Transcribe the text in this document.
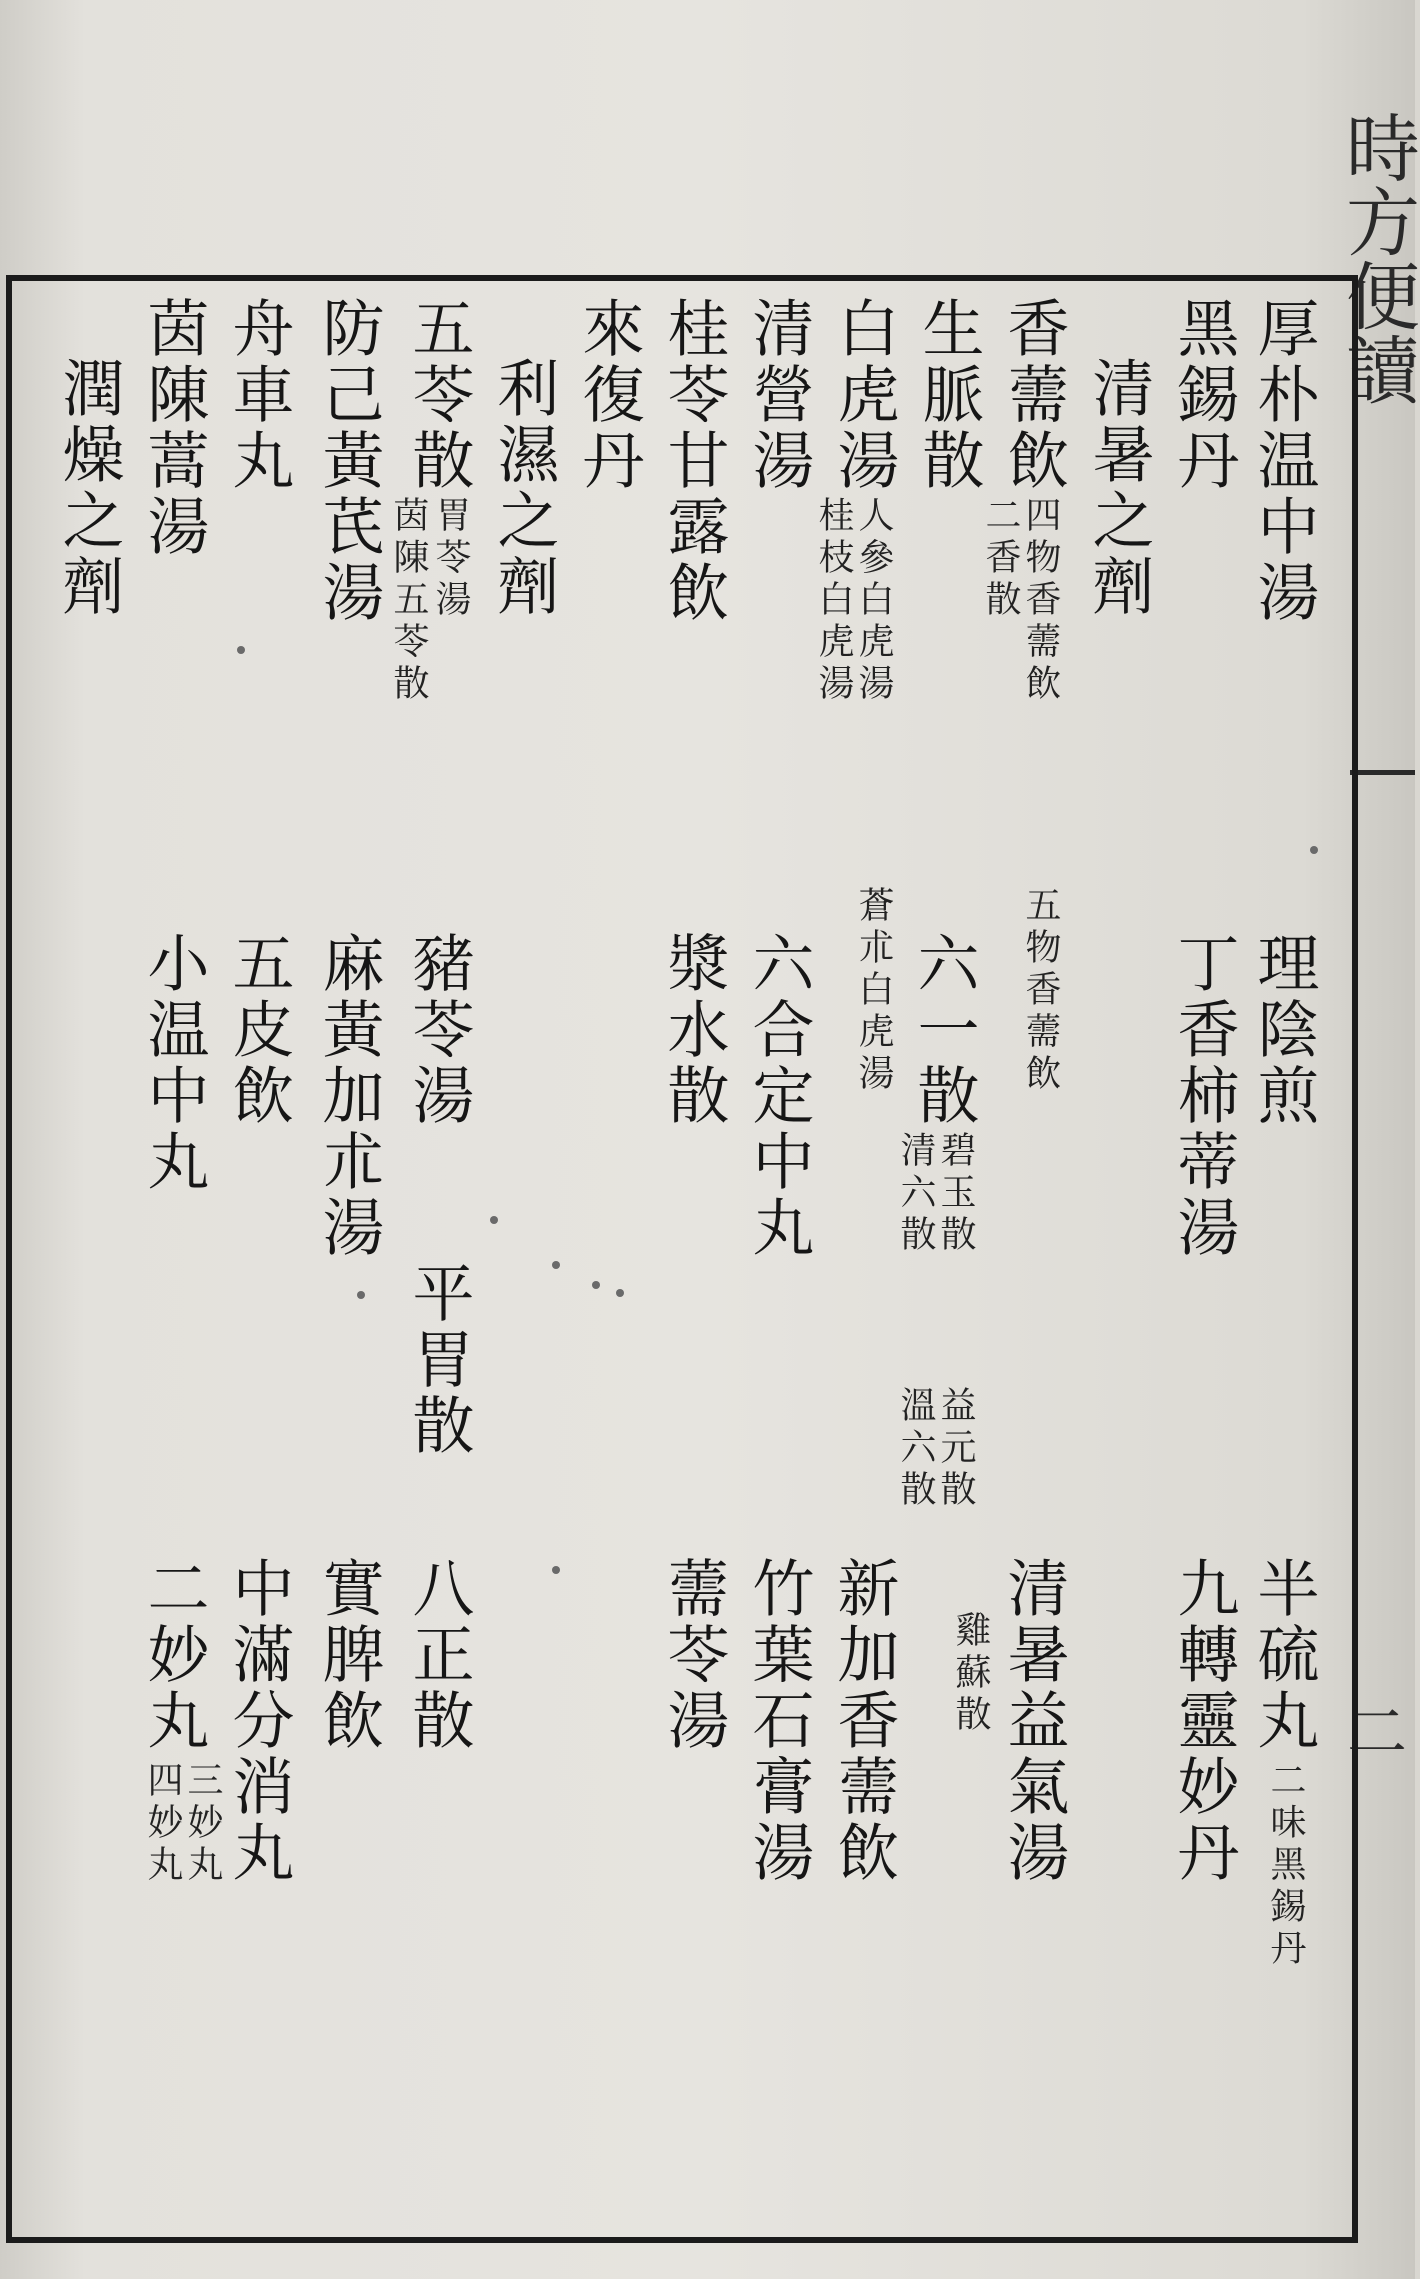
時方便讀
厚朴温中湯
黑錫丹
清暑之劑
香薷飲
四物香薷飲
二香散
五物香薷飲
生脈散
白虎湯
人參白虎湯
桂枝白虎湯
蒼朮白虎湯
清營湯
桂苓甘露飲
來復丹
利濕之劑
五苓散
胃苓湯
茵陳五苓散
防己黃芪湯
舟車丸
茵陳蒿湯
潤燥之劑
理陰煎
丁香柿蒂湯
六一散
碧玉散
清六散
益元散
溫六散
六合定中丸
漿水散
豬苓湯
平胃散
麻黃加朮湯
五皮飲
小温中丸
半硫丸
二味黑錫丹
九轉靈妙丹
清暑益氣湯
雞蘇散
新加香薷飲
竹葉石膏湯
薷苓湯
八正散
實脾飲
中滿分消丸
二妙丸
三妙丸
四妙丸
